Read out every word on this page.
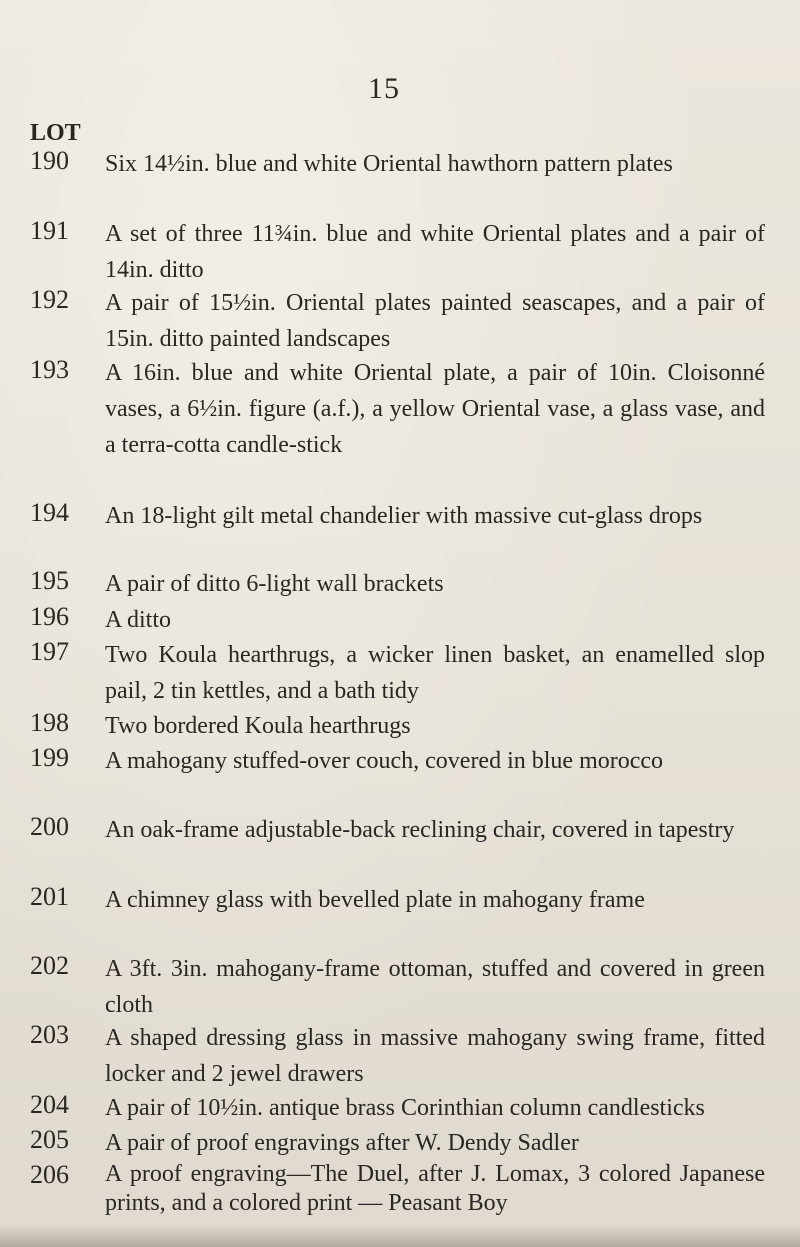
15
LOT
190	Six 14½in. blue and white Oriental hawthorn pattern plates
191	A set of three 11¾in. blue and white Oriental plates and a pair of 14in. ditto
192	A pair of 15½in. Oriental plates painted seascapes, and a pair of 15in. ditto painted landscapes
193	A 16in. blue and white Oriental plate, a pair of 10in. Cloisonné vases, a 6½in. figure (a.f.), a yellow Oriental vase, a glass vase, and a terra-cotta candle-stick
194	An 18-light gilt metal chandelier with massive cut-glass drops
195	A pair of ditto 6-light wall brackets
196	A ditto
197	Two Koula hearthrugs, a wicker linen basket, an enamelled slop pail, 2 tin kettles, and a bath tidy
198	Two bordered Koula hearthrugs
199	A mahogany stuffed-over couch, covered in blue morocco
200	An oak-frame adjustable-back reclining chair, covered in tapestry
201	A chimney glass with bevelled plate in mahogany frame
202	A 3ft. 3in. mahogany-frame ottoman, stuffed and covered in green cloth
203	A shaped dressing glass in massive mahogany swing frame, fitted locker and 2 jewel drawers
204	A pair of 10½in. antique brass Corinthian column candlesticks
205	A pair of proof engravings after W. Dendy Sadler
206	A proof engraving—The Duel, after J. Lomax, 3 colored Japanese prints, and a colored print — Peasant Boy
